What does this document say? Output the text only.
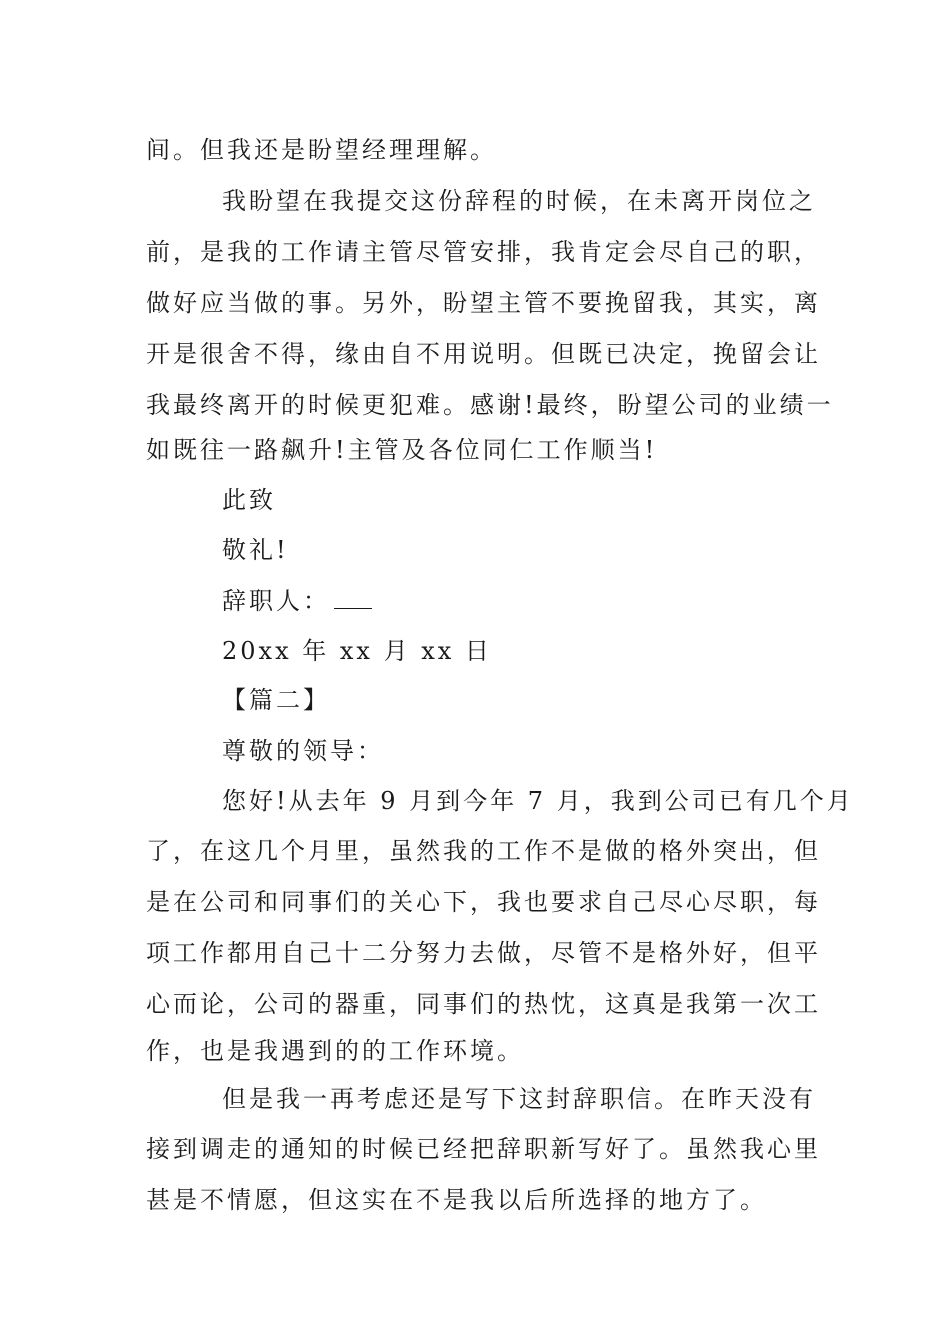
间。但我还是盼望经理理解。
我盼望在我提交这份辞程的时候，在未离开岗位之
前，是我的工作请主管尽管安排，我肯定会尽自己的职，
做好应当做的事。另外，盼望主管不要挽留我，其实，离
开是很舍不得，缘由自不用说明。但既已决定，挽留会让
我最终离开的时候更犯难。感谢!最终，盼望公司的业绩一
如既往一路飙升!主管及各位同仁工作顺当!
此致
敬礼!
辞职人：
20xx 年 xx 月 xx 日
【篇二】
尊敬的领导：
您好!从去年 9 月到今年 7 月，我到公司已有几个月
了，在这几个月里，虽然我的工作不是做的格外突出，但
是在公司和同事们的关心下，我也要求自己尽心尽职，每
项工作都用自己十二分努力去做，尽管不是格外好，但平
心而论，公司的器重，同事们的热忱，这真是我第一次工
作，也是我遇到的的工作环境。
但是我一再考虑还是写下这封辞职信。在昨天没有
接到调走的通知的时候已经把辞职新写好了。虽然我心里
甚是不情愿，但这实在不是我以后所选择的地方了。
